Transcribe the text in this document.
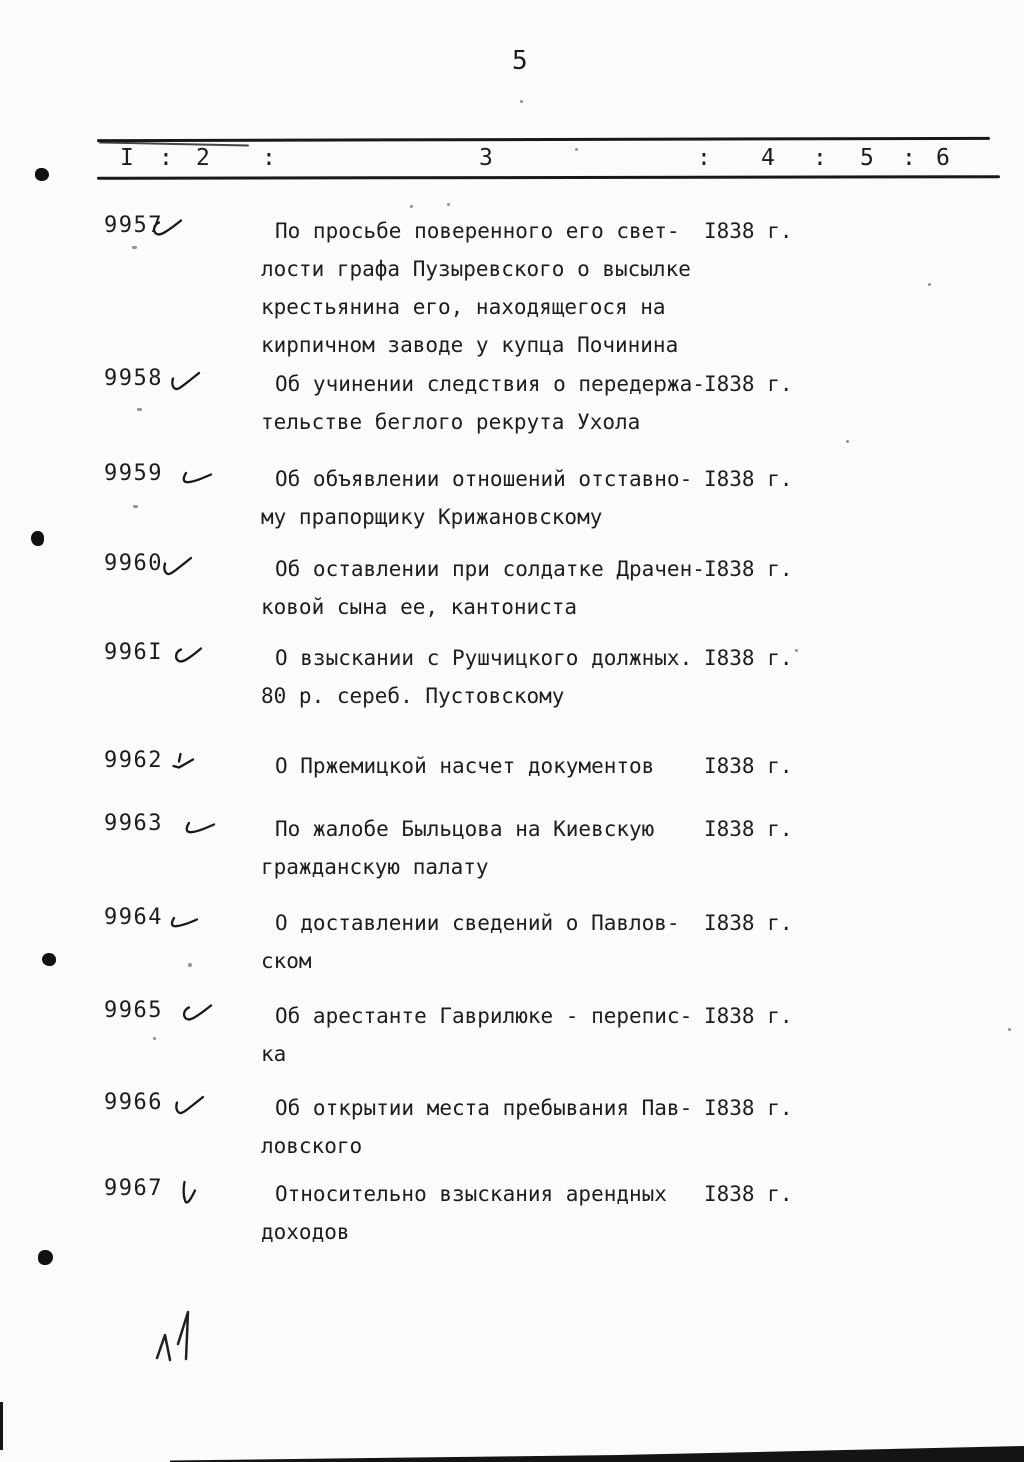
5
I : 2 :	3	: 4 : 5 : 6
9957	По просьбе поверенного его свет-
лости графа Пузыревского о высылке
крестьянина его, находящегося на
кирпичном заводе у купца Починина
I838 г.
9958	Об учинении следствия о передержа-
тельстве беглого рекрута Ухола
I838 г.
9959	Об объявлении отношений отставно-
му прапорщику Крижановскому
I838 г.
9960	Об оставлении при солдатке Драчен-
ковой сына ее, кантониста
I838 г.
996I	О взыскании с Рушчицкого должных.
80 р. сереб. Пустовскому
I838 г.
9962	О Пржемицкой насчет документов	I838 г.
9963	По жалобе Быльцова на Киевскую
гражданскую палату
I838 г.
9964	О доставлении сведений о Павлов-
ском
I838 г.
9965	Об арестанте Гаврилюке - перепис-
ка
I838 г.
9966	Об открытии места пребывания Пав-
ловского
I838 г.
9967	Относительно взыскания арендных
доходов
I838 г.
